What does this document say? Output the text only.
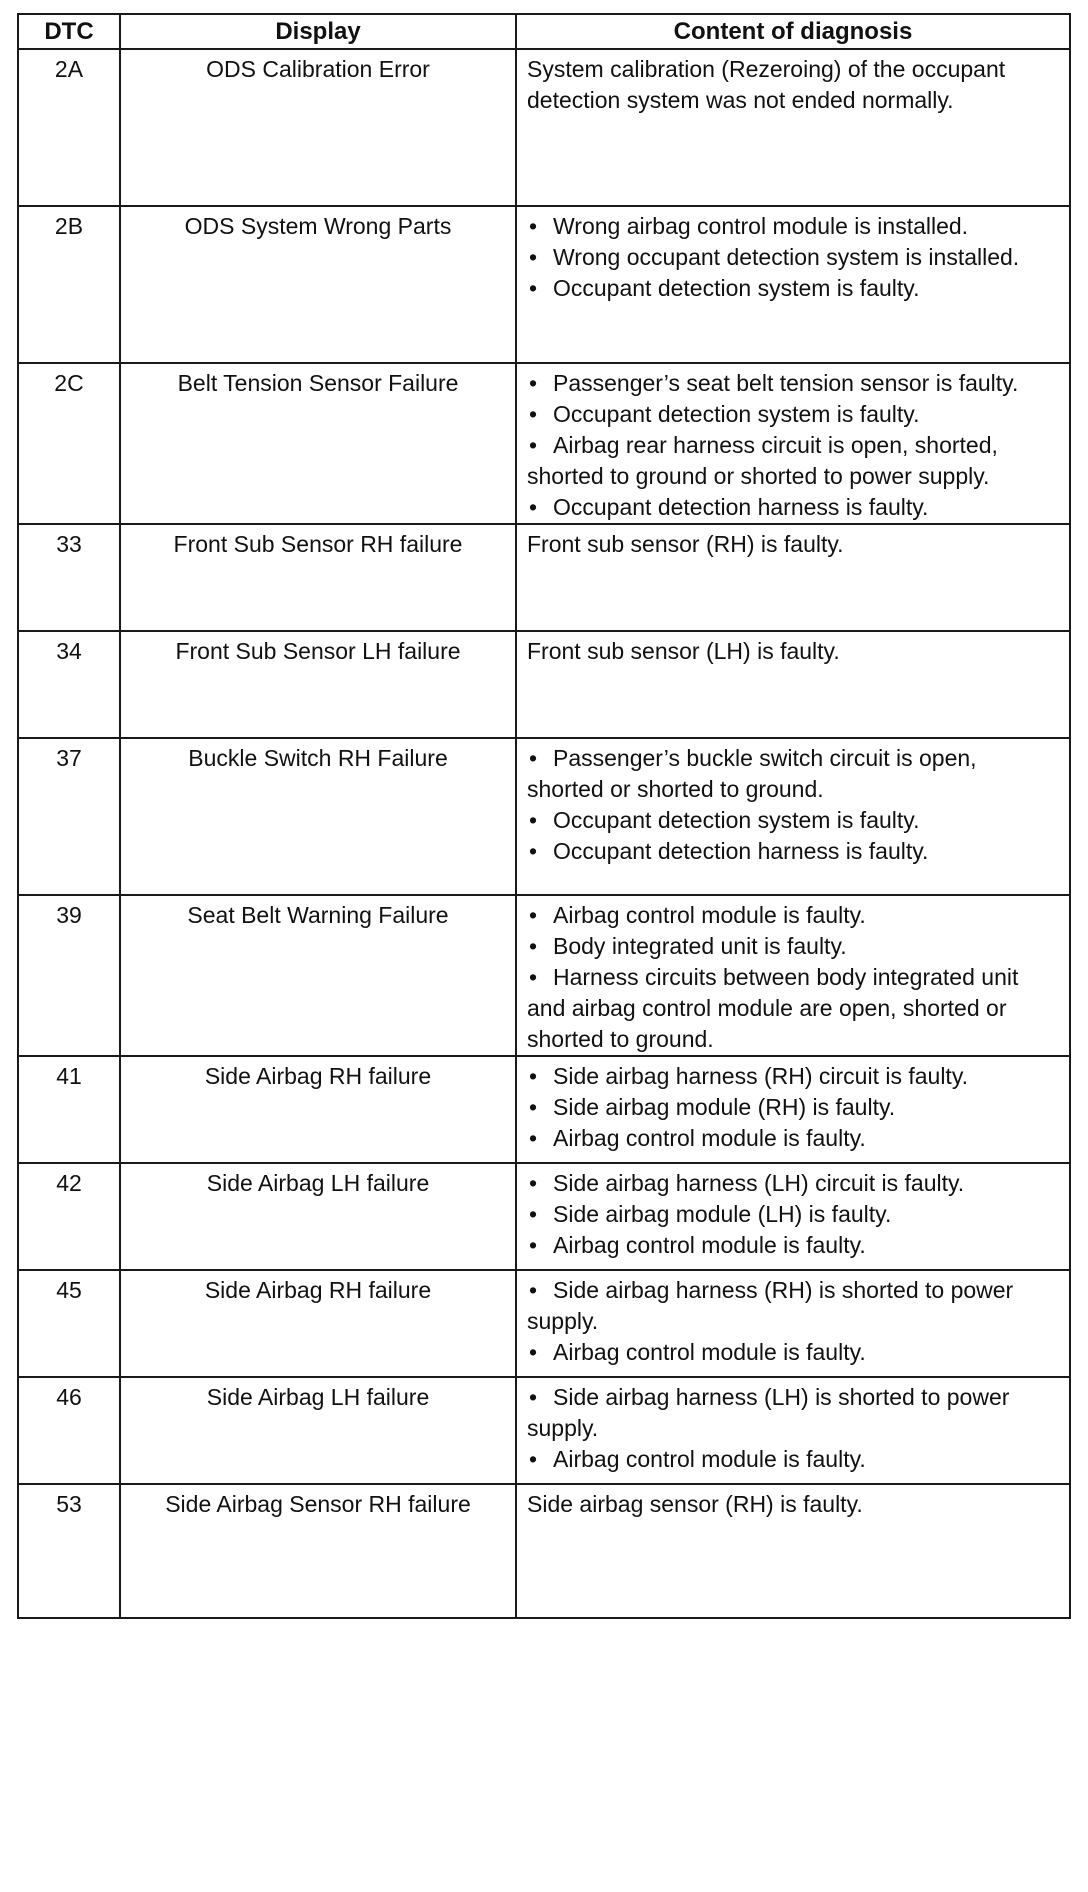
DTC	Display	Content of diagnosis
2A	ODS Calibration Error	System calibration (Rezeroing) of the occupant
detection system was not ended normally.

2B	ODS System Wrong Parts	• Wrong airbag control module is installed.
• Wrong occupant detection system is installed.
• Occupant detection system is faulty.

2C	Belt Tension Sensor Failure	• Passenger’s seat belt tension sensor is faulty.
• Occupant detection system is faulty.
• Airbag rear harness circuit is open, shorted,
shorted to ground or shorted to power supply.
• Occupant detection harness is faulty.

33	Front Sub Sensor RH failure	Front sub sensor (RH) is faulty.

34	Front Sub Sensor LH failure	Front sub sensor (LH) is faulty.

37	Buckle Switch RH Failure	• Passenger’s buckle switch circuit is open,
shorted or shorted to ground.
• Occupant detection system is faulty.
• Occupant detection harness is faulty.

39	Seat Belt Warning Failure	• Airbag control module is faulty.
• Body integrated unit is faulty.
• Harness circuits between body integrated unit
and airbag control module are open, shorted or
shorted to ground.

41	Side Airbag RH failure	• Side airbag harness (RH) circuit is faulty.
• Side airbag module (RH) is faulty.
• Airbag control module is faulty.

42	Side Airbag LH failure	• Side airbag harness (LH) circuit is faulty.
• Side airbag module (LH) is faulty.
• Airbag control module is faulty.

45	Side Airbag RH failure	• Side airbag harness (RH) is shorted to power
supply.
• Airbag control module is faulty.

46	Side Airbag LH failure	• Side airbag harness (LH) is shorted to power
supply.
• Airbag control module is faulty.

53	Side Airbag Sensor RH failure	Side airbag sensor (RH) is faulty.
